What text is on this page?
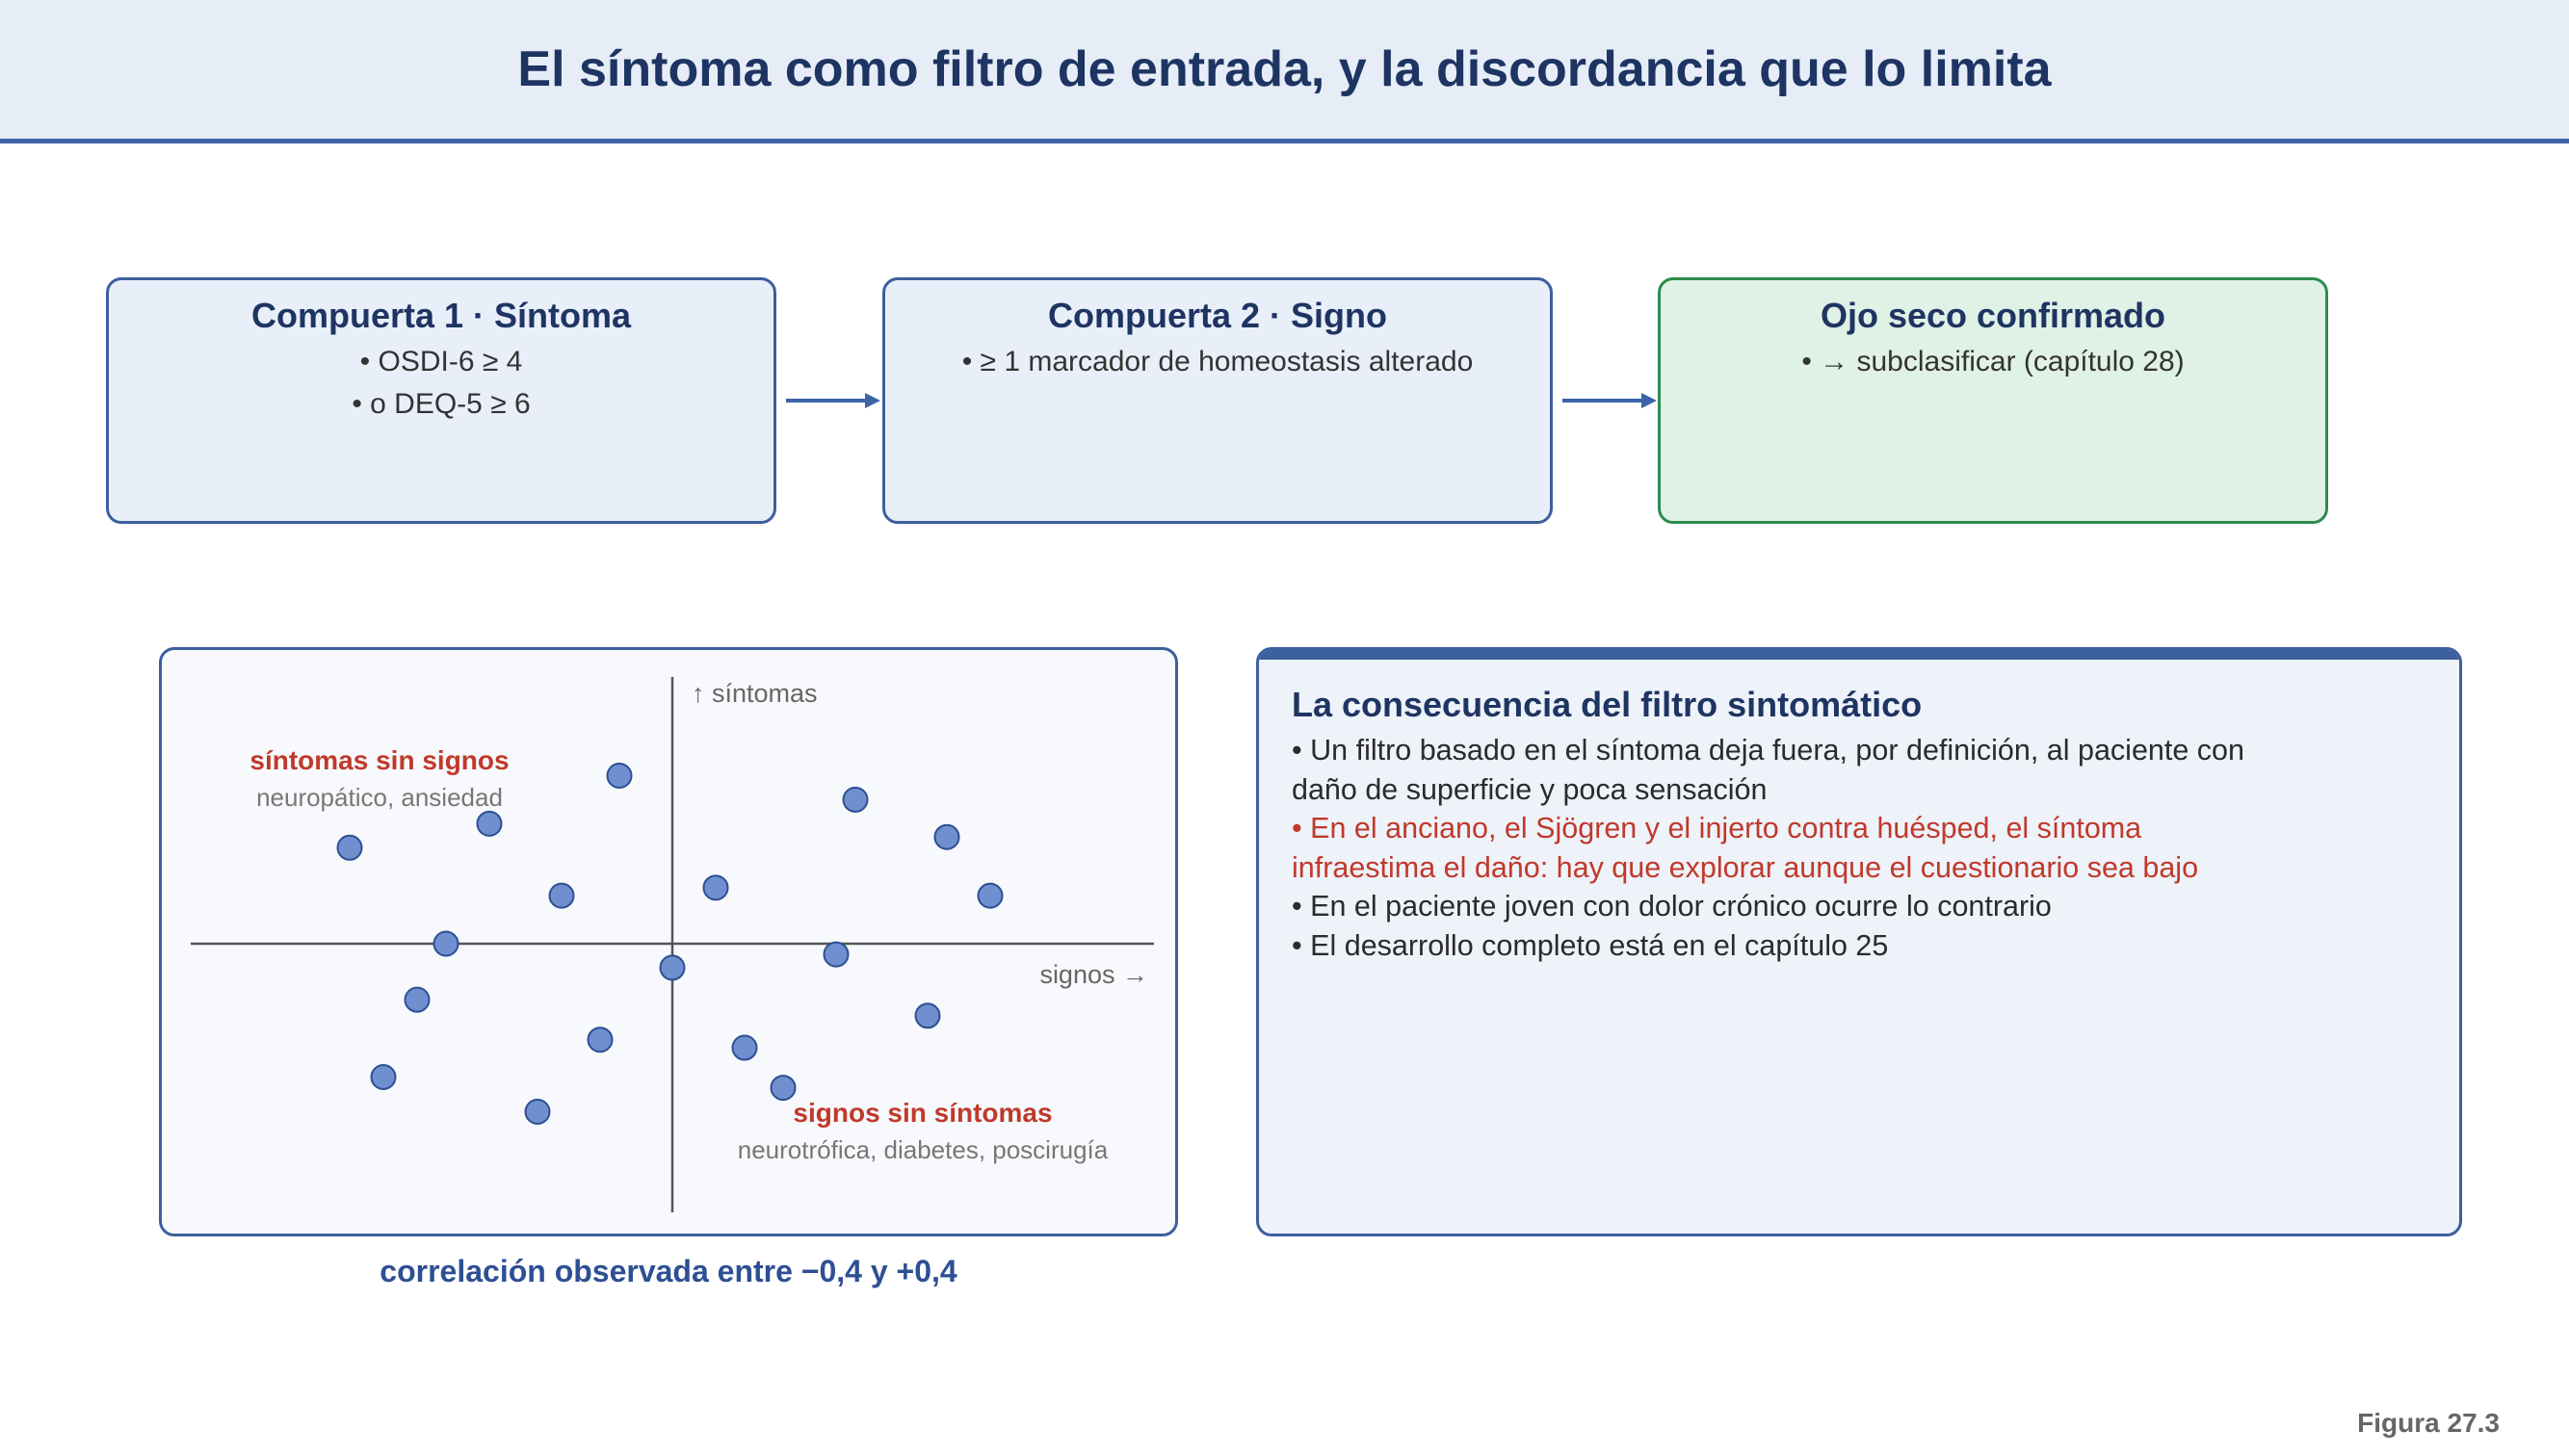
El síntoma como filtro de entrada, y la discordancia que lo limita
Compuerta 1 · Síntoma
• OSDI-6 ≥ 4
• o DEQ-5 ≥ 6
Compuerta 2 · Signo
• ≥ 1 marcador de homeostasis alterado
Ojo seco confirmado
• → subclasificar (capítulo 28)
↑ síntomas
signos →
síntomas sin signos
neuropático, ansiedad
signos sin síntomas
neurotrófica, diabetes, poscirugía
correlación observada entre −0,4 y +0,4
La consecuencia del filtro sintomático
• Un filtro basado en el síntoma deja fuera, por definición, al paciente con daño de superficie y poca sensación
• En el anciano, el Sjögren y el injerto contra huésped, el síntoma infraestima el daño: hay que explorar aunque el cuestionario sea bajo
• En el paciente joven con dolor crónico ocurre lo contrario
• El desarrollo completo está en el capítulo 25
Figura 27.3
